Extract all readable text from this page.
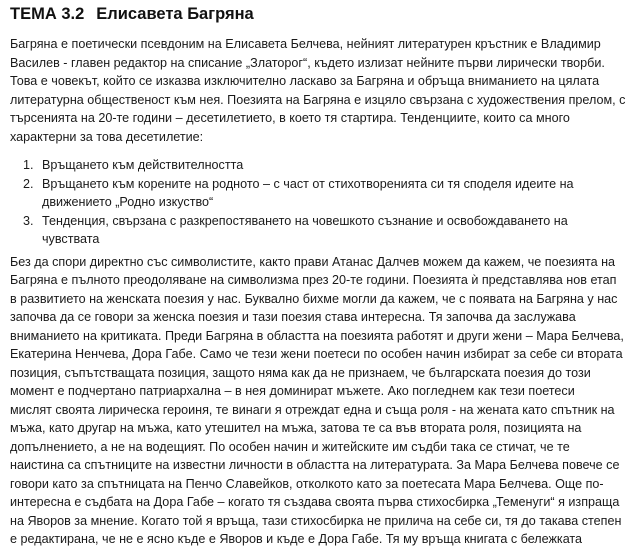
ТЕМА 3.2 Елисавета Багряна

Багряна е поетически псевдоним на Елисавета Белчева, нейният литературен кръстник е Владимир
Василев - главен редактор на списание „Златорог“, където излизат нейните първи лирически творби.
Това е човекът, който се изказва изключително ласкаво за Багряна и обръща вниманието на цялата
литературна общественост към нея. Поезията на Багряна е изцяло свързана с художествения прелом, с
търсенията на 20-те години – десетилетието, в което тя стартира. Тенденциите, които са много
характерни за това десетилетие:

1. Връщането към действителността
2. Връщането към корените на родното – с част от стихотворенията си тя споделя идеите на
движението „Родно изкуство“
3. Тенденция, свързана с разкрепостяването на човешкото съзнание и освобождаването на
чувствата

Без да спори директно със символистите, както прави Атанас Далчев можем да кажем, че поезията на
Багряна е пълното преодоляване на символизма през 20-те години. Поезията ѝ представлява нов етап
в развитието на женската поезия у нас. Буквално бихме могли да кажем, че с появата на Багряна у нас
започва да се говори за женска поезия и тази поезия става интересна. Тя започва да заслужава
вниманието на критиката. Преди Багряна в областта на поезията работят и други жени – Мара Белчева,
Екатерина Ненчева, Дора Габе. Само че тези жени поетеси по особен начин избират за себе си втората
позиция, съпътстващата позиция, защото няма как да не признаем, че българската поезия до този
момент е подчертано патриархална – в нея доминират мъжете. Ако погледнем как тези поетеси
мислят своята лирическа героиня, те винаги я отреждат една и съща роля - на жената като спътник на
мъжа, като другар на мъжа, като утешител на мъжа, затова те са във втората роля, позицията на
допълнението, а не на водещият. По особен начин и житейските им съдби така се стичат, че те
наистина са спътниците на известни личности в областта на литературата. За Мара Белчева повече се
говори като за спътницата на Пенчо Славейков, отколкото като за поетесата Мара Белчева. Още по-
интересна е съдбата на Дора Габе – когато тя създава своята първа стихосбирка „Теменуги“ я изпраща
на Яворов за мнение. Когато той я връща, тази стихосбирка не прилича на себе си, тя до такава степен
е редактирана, че не е ясно къде е Яворов и къде е Дора Габе. Тя му връща книгата с бележката
